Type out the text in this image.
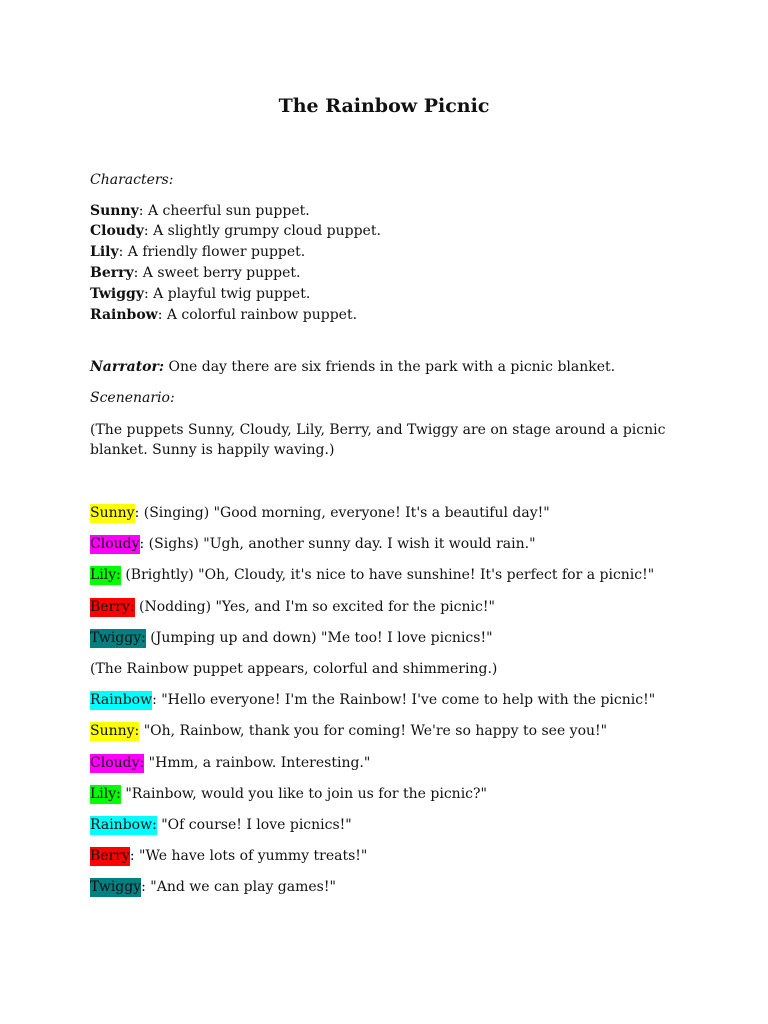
The Rainbow Picnic
Characters:
Sunny: A cheerful sun puppet.
Cloudy: A slightly grumpy cloud puppet.
Lily: A friendly flower puppet.
Berry: A sweet berry puppet.
Twiggy: A playful twig puppet.
Rainbow: A colorful rainbow puppet.
Narrator: One day there are six friends in the park with a picnic blanket.
Scenenario:
(The puppets Sunny, Cloudy, Lily, Berry, and Twiggy are on stage around a picnic blanket. Sunny is happily waving.)
Sunny: (Singing) "Good morning, everyone! It's a beautiful day!"
Cloudy: (Sighs) "Ugh, another sunny day. I wish it would rain."
Lily: (Brightly) "Oh, Cloudy, it's nice to have sunshine! It's perfect for a picnic!"
Berry: (Nodding) "Yes, and I'm so excited for the picnic!"
Twiggy: (Jumping up and down) "Me too! I love picnics!"
(The Rainbow puppet appears, colorful and shimmering.)
Rainbow: "Hello everyone! I'm the Rainbow! I've come to help with the picnic!"
Sunny: "Oh, Rainbow, thank you for coming! We're so happy to see you!"
Cloudy: "Hmm, a rainbow. Interesting."
Lily: "Rainbow, would you like to join us for the picnic?"
Rainbow: "Of course! I love picnics!"
Berry: "We have lots of yummy treats!"
Twiggy: "And we can play games!"
